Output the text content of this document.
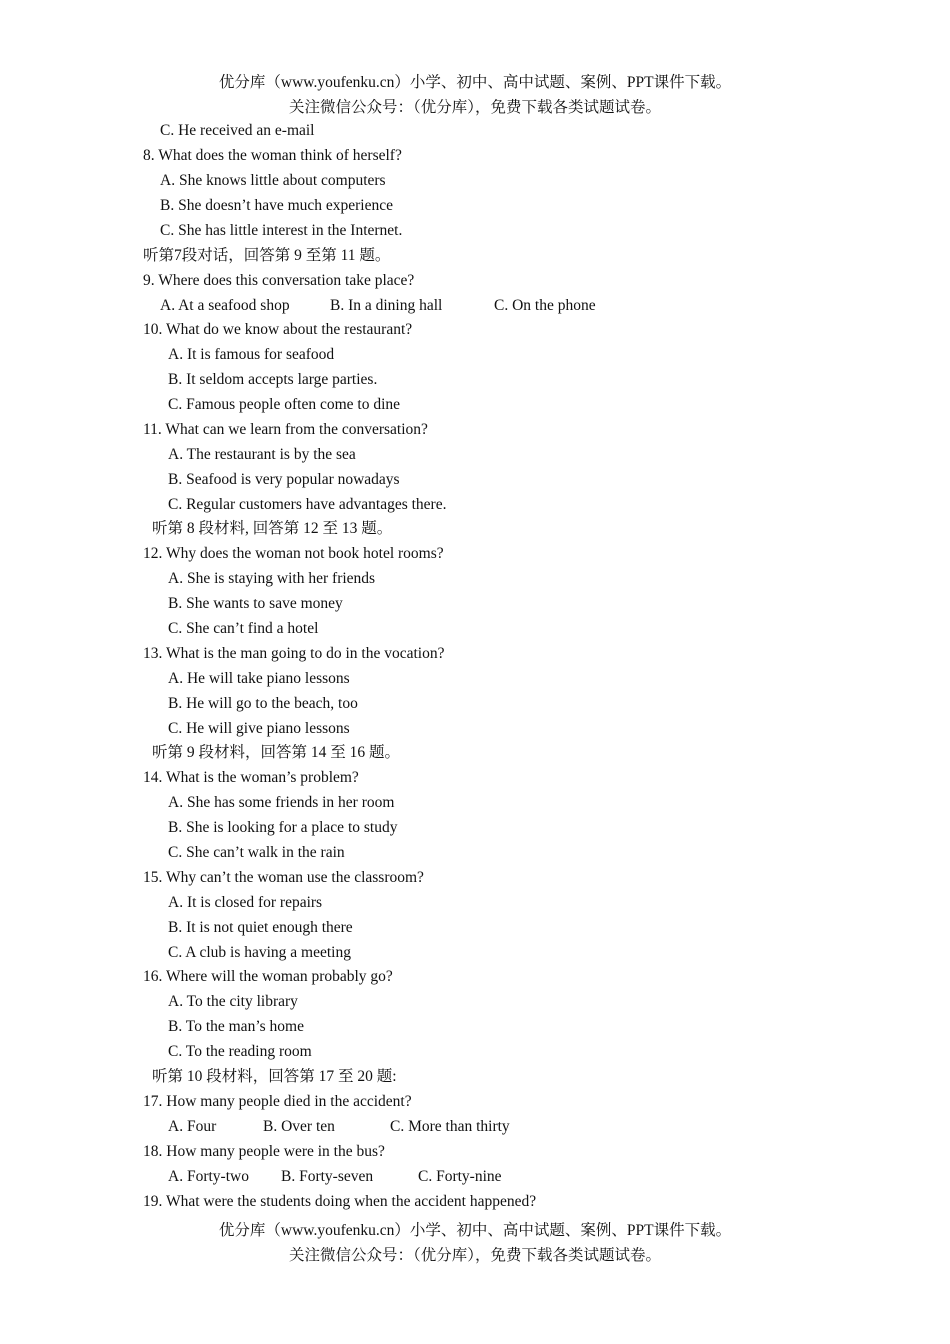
优分库（www.youfenku.cn）小学、初中、高中试题、案例、PPT课件下载。
关注微信公众号：（优分库），免费下载各类试题试卷。
C. He received an e-mail
8. What does the woman think of herself?
A. She knows little about computers
B. She doesn’t have much experience
C. She has little interest in the Internet.
听第7段对话，回答第 9 至第 11 题。
9. Where does this conversation take place?
A. At a seafood shop	B. In a dining hall	C. On the phone
10. What do we know about the restaurant?
A. It is famous for seafood
B. It seldom accepts large parties.
C. Famous people often come to dine
11. What can we learn from the conversation?
A. The restaurant is by the sea
B. Seafood is very popular nowadays
C. Regular customers have advantages there.
听第 8 段材料, 回答第 12 至 13 题。
12. Why does the woman not book hotel rooms?
A. She is staying with her friends
B. She wants to save money
C. She can’t find a hotel
13. What is the man going to do in the vocation?
A. He will take piano lessons
B. He will go to the beach, too
C. He will give piano lessons
听第 9 段材料，回答第 14 至 16 题。
14. What is the woman’s problem?
A. She has some friends in her room
B. She is looking for a place to study
C. She can’t walk in the rain
15. Why can’t the woman use the classroom?
A. It is closed for repairs
B. It is not quiet enough there
C. A club is having a meeting
16. Where will the woman probably go?
A. To the city library
B. To the man’s home
C. To the reading room
听第 10 段材料，回答第 17 至 20 题:
17. How many people died in the accident?
A. Four	B. Over ten	C. More than thirty
18. How many people were in the bus?
A. Forty-two B. Forty-seven	C. Forty-nine
19. What were the students doing when the accident happened?
优分库（www.youfenku.cn）小学、初中、高中试题、案例、PPT课件下载。
关注微信公众号：（优分库），免费下载各类试题试卷。
